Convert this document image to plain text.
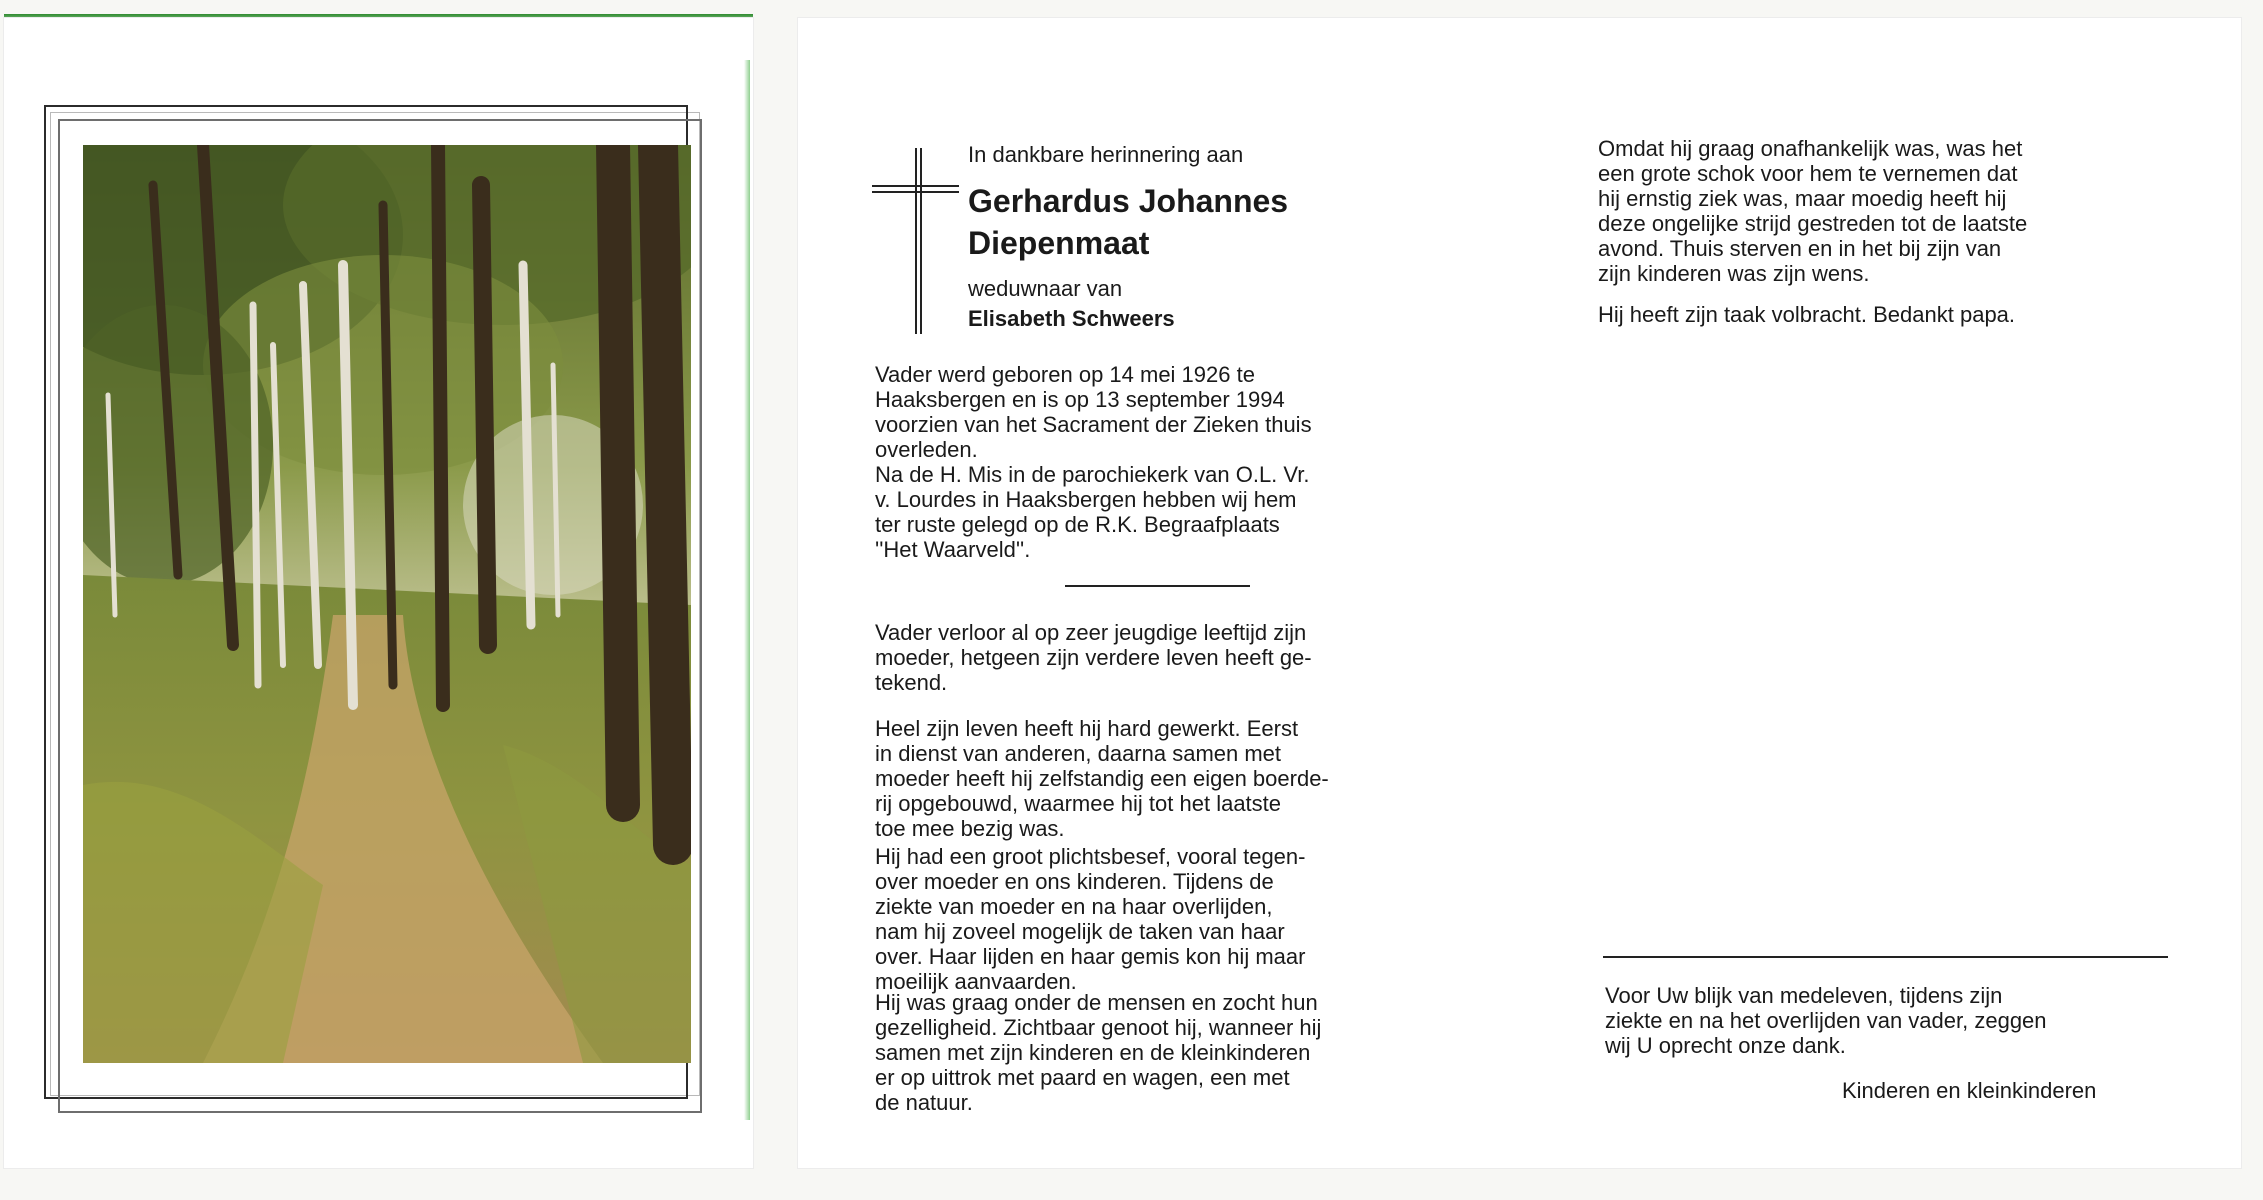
In dankbare herinnering aan
Gerhardus Johannes
Diepenmaat
weduwnaar van
Elisabeth Schweers
Vader werd geboren op 14 mei 1926 te
Haaksbergen en is op 13 september 1994
voorzien van het Sacrament der Zieken thuis
overleden.
Na de H. Mis in de parochiekerk van O.L. Vr.
v. Lourdes in Haaksbergen hebben wij hem
ter ruste gelegd op de R.K. Begraafplaats
''Het Waarveld''.
Vader verloor al op zeer jeugdige leeftijd zijn
moeder, hetgeen zijn verdere leven heeft ge-
tekend.
Heel zijn leven heeft hij hard gewerkt. Eerst
in dienst van anderen, daarna samen met
moeder heeft hij zelfstandig een eigen boerde-
rij opgebouwd, waarmee hij tot het laatste
toe mee bezig was.
Hij had een groot plichtsbesef, vooral tegen-
over moeder en ons kinderen. Tijdens de
ziekte van moeder en na haar overlijden,
nam hij zoveel mogelijk de taken van haar
over. Haar lijden en haar gemis kon hij maar
moeilijk aanvaarden.
Hij was graag onder de mensen en zocht hun
gezelligheid. Zichtbaar genoot hij, wanneer hij
samen met zijn kinderen en de kleinkinderen
er op uittrok met paard en wagen, een met
de natuur.
Omdat hij graag onafhankelijk was, was het
een grote schok voor hem te vernemen dat
hij ernstig ziek was, maar moedig heeft hij
deze ongelijke strijd gestreden tot de laatste
avond. Thuis sterven en in het bij zijn van
zijn kinderen was zijn wens.
Hij heeft zijn taak volbracht. Bedankt papa.
Voor Uw blijk van medeleven, tijdens zijn
ziekte en na het overlijden van vader, zeggen
wij U oprecht onze dank.
Kinderen en kleinkinderen
